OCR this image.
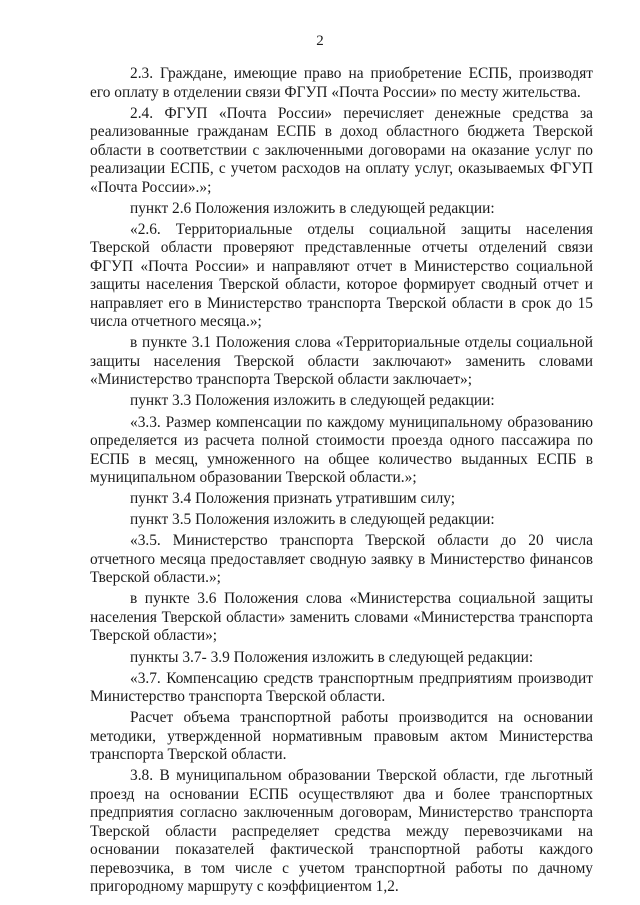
2

2.3. Граждане, имеющие право на приобретение ЕСПБ, производят его оплату в отделении связи ФГУП «Почта России» по месту жительства.

2.4. ФГУП «Почта России» перечисляет денежные средства за реализованные гражданам ЕСПБ в доход областного бюджета Тверской области в соответствии с заключенными договорами на оказание услуг по реализации ЕСПБ, с учетом расходов на оплату услуг, оказываемых ФГУП «Почта России».»;

пункт 2.6 Положения изложить в следующей редакции:

«2.6. Территориальные отделы социальной защиты населения Тверской области проверяют представленные отчеты отделений связи ФГУП «Почта России» и направляют отчет в Министерство социальной защиты населения Тверской области, которое формирует сводный отчет и направляет его в Министерство транспорта Тверской области в срок до 15 числа отчетного месяца.»;

в пункте 3.1 Положения слова «Территориальные отделы социальной защиты населения Тверской области заключают» заменить словами «Министерство транспорта Тверской области заключает»;

пункт 3.3 Положения изложить в следующей редакции:

«3.3. Размер компенсации по каждому муниципальному образованию определяется из расчета полной стоимости проезда одного пассажира по ЕСПБ в месяц, умноженного на общее количество выданных ЕСПБ в муниципальном образовании Тверской области.»;

пункт 3.4 Положения признать утратившим силу;

пункт 3.5 Положения изложить в следующей редакции:

«3.5. Министерство транспорта Тверской области до 20 числа отчетного месяца предоставляет сводную заявку в Министерство финансов Тверской области.»;

в пункте 3.6 Положения слова «Министерства социальной защиты населения Тверской области» заменить словами «Министерства транспорта Тверской области»;

пункты 3.7- 3.9 Положения изложить в следующей редакции:

«3.7. Компенсацию средств транспортным предприятиям производит Министерство транспорта Тверской области.

Расчет объема транспортной работы производится на основании методики, утвержденной нормативным правовым актом Министерства транспорта Тверской области.

3.8. В муниципальном образовании Тверской области, где льготный проезд на основании ЕСПБ осуществляют два и более транспортных предприятия согласно заключенным договорам, Министерство транспорта Тверской области распределяет средства между перевозчиками на основании показателей фактической транспортной работы каждого перевозчика, в том числе с учетом транспортной работы по дачному пригородному маршруту с коэффициентом 1,2.
